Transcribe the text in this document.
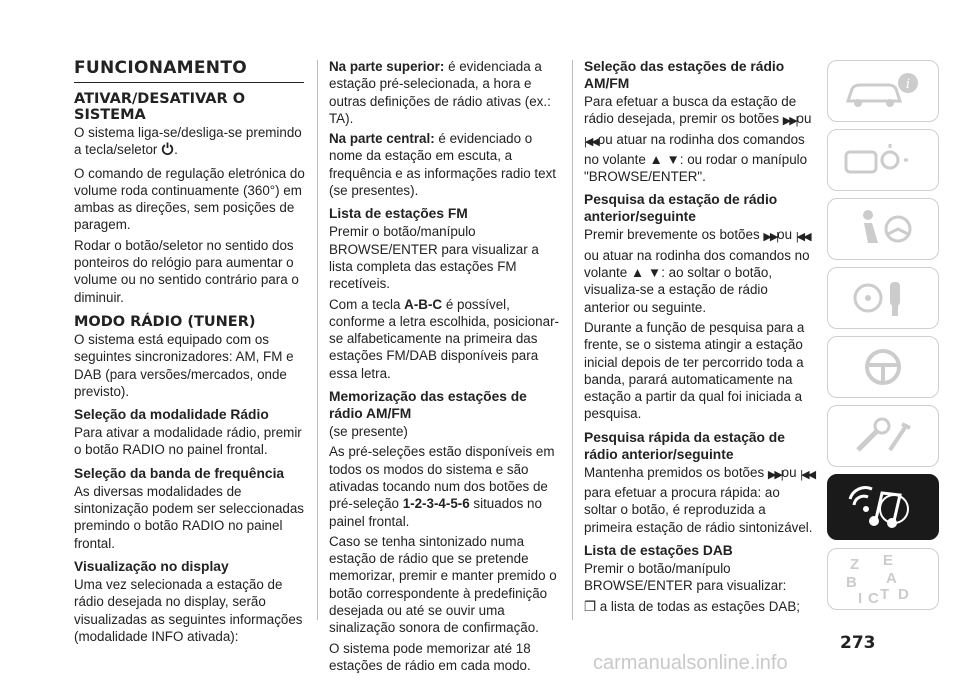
FUNCIONAMENTO
ATIVAR/DESATIVAR O SISTEMA

O sistema liga-se/desliga-se premindo a tecla/seletor .

O comando de regulação eletrónica do volume roda continuamente (360°) em ambas as direções, sem posições de paragem.

Rodar o botão/seletor no sentido dos ponteiros do relógio para aumentar o volume ou no sentido contrário para o diminuir.

MODO RÁDIO (TUNER)

O sistema está equipado com os seguintes sincronizadores: AM, FM e DAB (para versões/mercados, onde previsto).

Seleção da modalidade Rádio

Para ativar a modalidade rádio, premir o botão RADIO no painel frontal.

Seleção da banda de frequência

As diversas modalidades de sintonização podem ser seleccionadas premindo o botão RADIO no painel frontal.

Visualização no display

Uma vez selecionada a estação de rádio desejada no display, serão visualizadas as seguintes informações (modalidade INFO ativada):

Na parte superior: é evidenciada a estação pré-selecionada, a hora e outras definições de rádio ativas (ex.: TA).

Na parte central: é evidenciado o nome da estação em escuta, a frequência e as informações radio text (se presentes).

Lista de estações FM

Premir o botão/manípulo BROWSE/ENTER para visualizar a lista completa das estações FM recetíveis.

Com a tecla A-B-C é possível, conforme a letra escolhida, posicionar-se alfabeticamente na primeira das estações FM/DAB disponíveis para essa letra.

Memorização das estações de rádio AM/FM

(se presente)

As pré-seleções estão disponíveis em todos os modos do sistema e são ativadas tocando num dos botões de pré-seleção 1-2-3-4-5-6 situados no painel frontal.

Caso se tenha sintonizado numa estação de rádio que se pretende memorizar, premir e manter premido o botão correspondente à predefinição desejada ou até se ouvir uma sinalização sonora de confirmação.

O sistema pode memorizar até 18 estações de rádio em cada modo.

Seleção das estações de rádio AM/FM

Para efetuar a busca da estação de rádio desejada, premir os botões ▶▶|ou |◀◀ou atuar na rodinha dos comandos no volante ▲ ▼: ou rodar o manípulo "BROWSE/ENTER".

Pesquisa da estação de rádio anterior/seguinte

Premir brevemente os botões ▶▶|ou |◀◀ou atuar na rodinha dos comandos no volante ▲ ▼: ao soltar o botão, visualiza-se a estação de rádio anterior ou seguinte.

Durante a função de pesquisa para a frente, se o sistema atingir a estação inicial depois de ter percorrido toda a banda, parará automaticamente na estação a partir da qual foi iniciada a pesquisa.

Pesquisa rápida da estação de rádio anterior/seguinte

Mantenha premidos os botões ▶▶|ou |◀◀ para efetuar a procura rápida: ao soltar o botão, é reproduzida a primeira estação de rádio sintonizável.

Lista de estações DAB

Premir o botão/manípulo BROWSE/ENTER para visualizar:

❐ a lista de todas as estações DAB;

i
Z E
B A
I C T D
273
carmanualsonline.info
